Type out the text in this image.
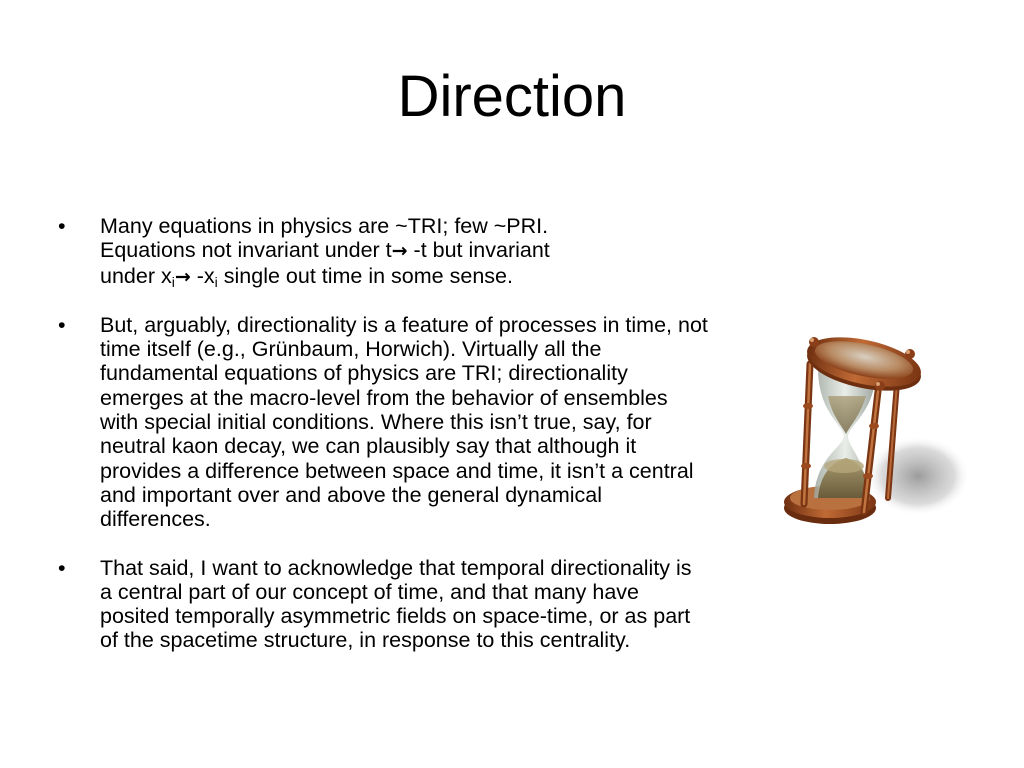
Direction
• Many equations in physics are ~TRI; few ~PRI.
Equations not invariant under t→ -t but invariant
under $x_i\to -x_i$ single out time in some sense.
• But, arguably, directionality is a feature of processes in time, not time itself (e.g., Grünbaum, Horwich). Virtually all the fundamental equations of physics are TRI; directionality emerges at the macro-level from the behavior of ensembles with special initial conditions. Where this isn’t true, say, for neutral kaon decay, we can plausibly say that although it provides a difference between space and time, it isn’t a central and important over and above the general dynamical differences.
• That said, I want to acknowledge that temporal directionality is a central part of our concept of time, and that many have posited temporally asymmetric fields on space-time, or as part of the spacetime structure, in response to this centrality.
